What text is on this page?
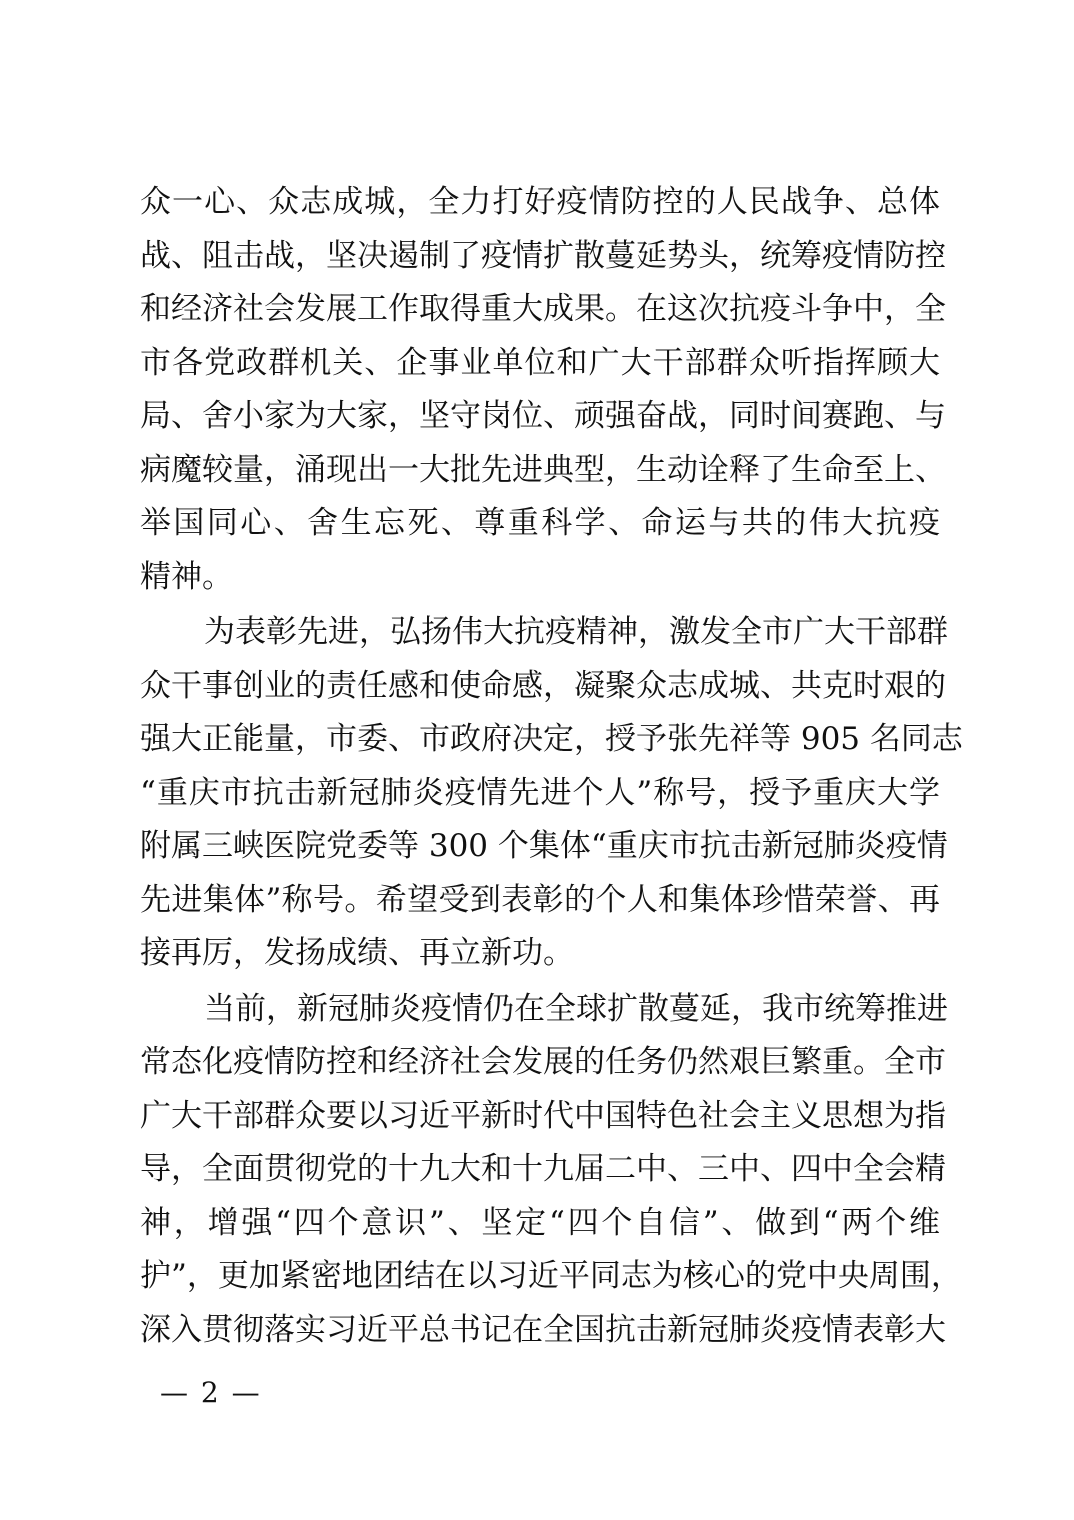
众一心、众志成城，全力打好疫情防控的人民战争、总体
战、阻击战，坚决遏制了疫情扩散蔓延势头，统筹疫情防控
和经济社会发展工作取得重大成果。在这次抗疫斗争中，全
市各党政群机关、企事业单位和广大干部群众听指挥顾大
局、舍小家为大家，坚守岗位、顽强奋战，同时间赛跑、与
病魔较量，涌现出一大批先进典型，生动诠释了生命至上、
举国同心、舍生忘死、尊重科学、命运与共的伟大抗疫
精神。
为表彰先进，弘扬伟大抗疫精神，激发全市广大干部群
众干事创业的责任感和使命感，凝聚众志成城、共克时艰的
强大正能量，市委、市政府决定，授予张先祥等 905 名同志
“重庆市抗击新冠肺炎疫情先进个人”称号，授予重庆大学
附属三峡医院党委等 300 个集体“重庆市抗击新冠肺炎疫情
先进集体”称号。希望受到表彰的个人和集体珍惜荣誉、再
接再厉，发扬成绩、再立新功。
当前，新冠肺炎疫情仍在全球扩散蔓延，我市统筹推进
常态化疫情防控和经济社会发展的任务仍然艰巨繁重。全市
广大干部群众要以习近平新时代中国特色社会主义思想为指
导，全面贯彻党的十九大和十九届二中、三中、四中全会精
神，增强“四个意识”、坚定“四个自信”、做到“两个维
护”，更加紧密地团结在以习近平同志为核心的党中央周围，
深入贯彻落实习近平总书记在全国抗击新冠肺炎疫情表彰大
— 2 —
